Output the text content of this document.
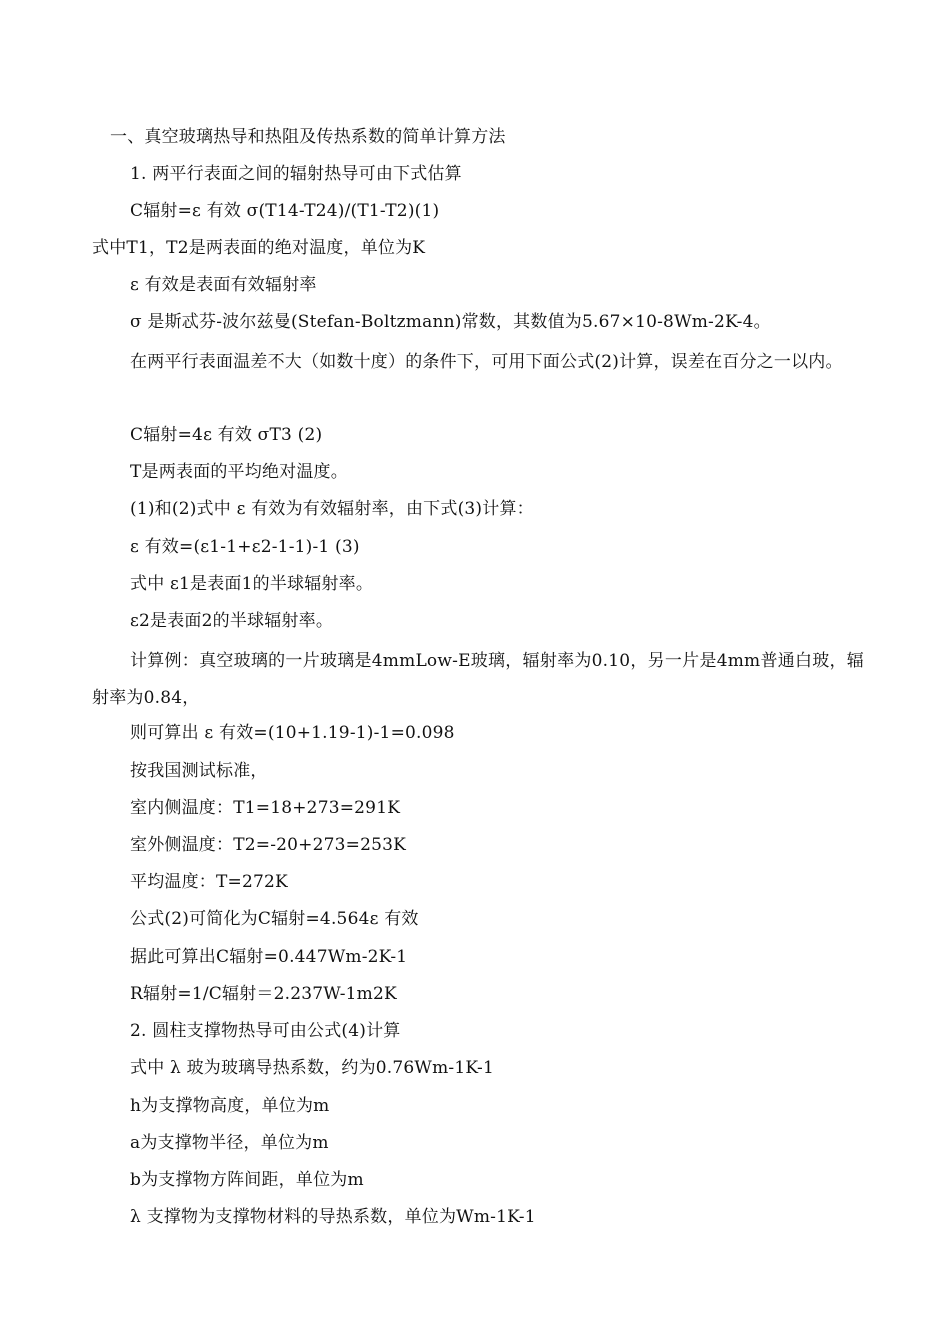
一、真空玻璃热导和热阻及传热系数的简单计算方法
1. 两平行表面之间的辐射热导可由下式估算
C辐射=ε 有效 σ(T14-T24)/(T1-T2)(1)
式中T1，T2是两表面的绝对温度，单位为K
ε 有效是表面有效辐射率
σ 是斯忒芬-波尔兹曼(Stefan-Boltzmann)常数，其数值为5.67×10-8Wm-2K-4。
在两平行表面温差不大（如数十度）的条件下，可用下面公式(2)计算，误差在百分之一以内。
C辐射=4ε 有效 σT3 (2)
T是两表面的平均绝对温度。
(1)和(2)式中 ε 有效为有效辐射率，由下式(3)计算：
ε 有效=(ε1-1+ε2-1-1)-1 (3)
式中 ε1是表面1的半球辐射率。
ε2是表面2的半球辐射率。
计算例：真空玻璃的一片玻璃是4mmLow-E玻璃，辐射率为0.10，另一片是4mm普通白玻，辐射率为0.84，
则可算出 ε 有效=(10+1.19-1)-1=0.098
按我国测试标准，
室内侧温度：T1=18+273=291K
室外侧温度：T2=-20+273=253K
平均温度：T=272K
公式(2)可简化为C辐射=4.564ε 有效
据此可算出C辐射=0.447Wm-2K-1
R辐射=1/C辐射＝2.237W-1m2K
2. 圆柱支撑物热导可由公式(4)计算
式中 λ 玻为玻璃导热系数，约为0.76Wm-1K-1
h为支撑物高度，单位为m
a为支撑物半径，单位为m
b为支撑物方阵间距，单位为m
λ 支撑物为支撑物材料的导热系数，单位为Wm-1K-1
